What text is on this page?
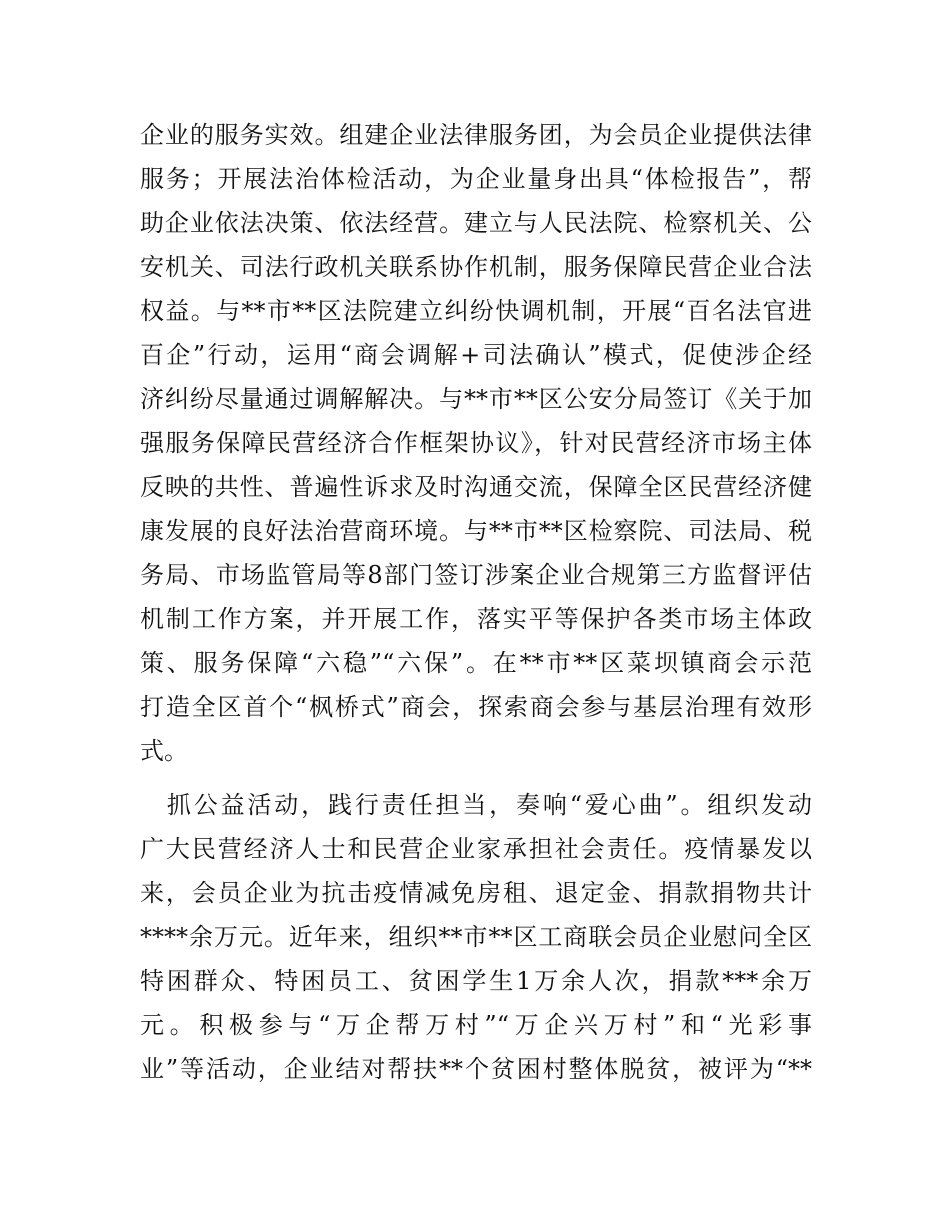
企业的服务实效。组建企业法律服务团，为会员企业提供法律
服务；开展法治体检活动，为企业量身出具“体检报告”，帮
助企业依法决策、依法经营。建立与人民法院、检察机关、公
安机关、司法行政机关联系协作机制，服务保障民营企业合法
权益。与**市**区法院建立纠纷快调机制，开展“百名法官进
百企”行动，运用“商会调解+司法确认”模式，促使涉企经
济纠纷尽量通过调解解决。与**市**区公安分局签订《关于加
强服务保障民营经济合作框架协议》，针对民营经济市场主体
反映的共性、普遍性诉求及时沟通交流，保障全区民营经济健
康发展的良好法治营商环境。与**市**区检察院、司法局、税
务局、市场监管局等8部门签订涉案企业合规第三方监督评估
机制工作方案，并开展工作，落实平等保护各类市场主体政
策、服务保障“六稳”“六保”。在**市**区菜坝镇商会示范
打造全区首个“枫桥式”商会，探索商会参与基层治理有效形
式。
　抓公益活动，践行责任担当，奏响“爱心曲”。组织发动
广大民营经济人士和民营企业家承担社会责任。疫情暴发以
来，会员企业为抗击疫情减免房租、退定金、捐款捐物共计
****余万元。近年来，组织**市**区工商联会员企业慰问全区
特困群众、特困员工、贫困学生1万余人次，捐款***余万
元。积极参与“万企帮万村”“万企兴万村”和“光彩事
业”等活动，企业结对帮扶**个贫困村整体脱贫，被评为“**
